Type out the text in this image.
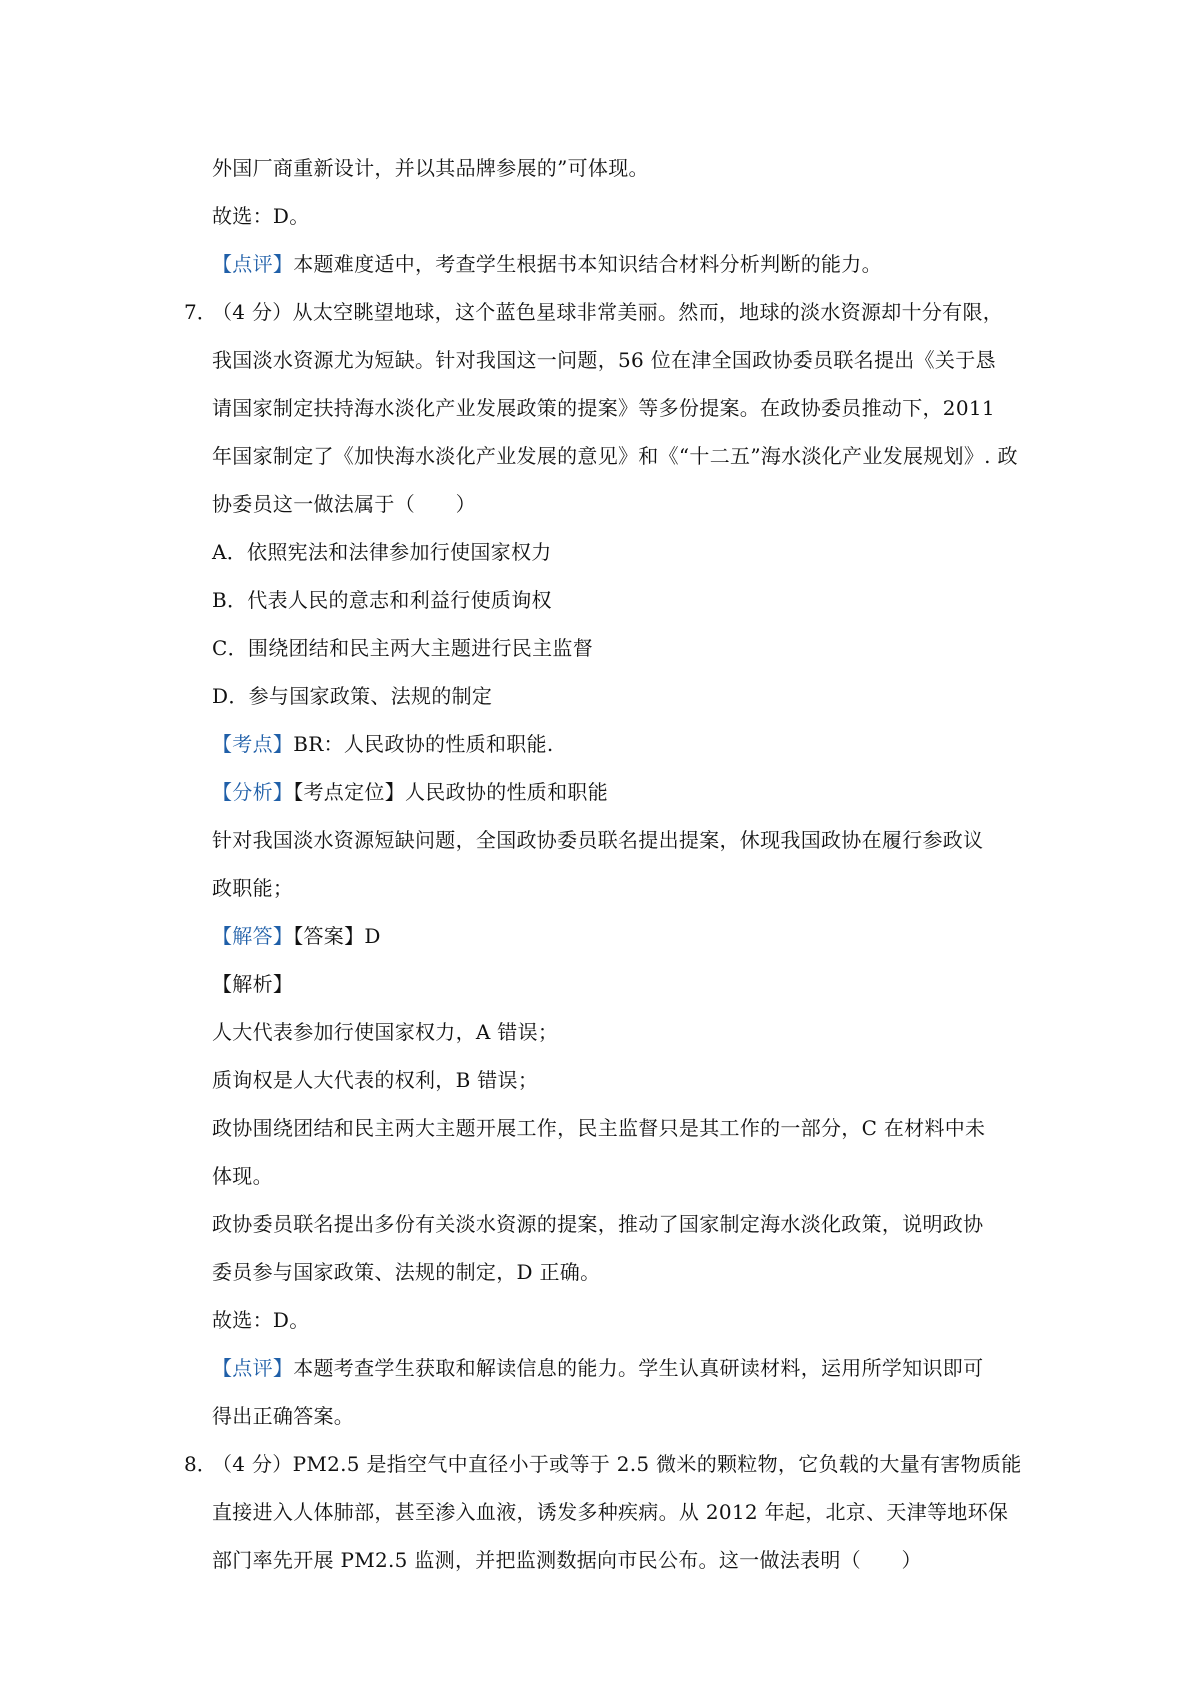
外国厂商重新设计，并以其品牌参展的”可体现。
故选：D。
【点评】本题难度适中，考查学生根据书本知识结合材料分析判断的能力。
7．
（4 分）从太空眺望地球，这个蓝色星球非常美丽。然而，地球的淡水资源却十分有限，
我国淡水资源尤为短缺。针对我国这一问题，56 位在津全国政协委员联名提出《关于恳
请国家制定扶持海水淡化产业发展政策的提案》等多份提案。在政协委员推动下，2011
年国家制定了《加快海水淡化产业发展的意见》和《“十二五”海水淡化产业发展规划》. 政
协委员这一做法属于（　　）
A．依照宪法和法律参加行使国家权力
B．代表人民的意志和利益行使质询权
C．围绕团结和民主两大主题进行民主监督
D．参与国家政策、法规的制定
【考点】BR：人民政协的性质和职能.
【分析】【考点定位】人民政协的性质和职能
针对我国淡水资源短缺问题，全国政协委员联名提出提案，休现我国政协在履行参政议
政职能；
【解答】【答案】D
【解析】
人大代表参加行使国家权力，A 错误；
质询权是人大代表的权利，B 错误；
政协围绕团结和民主两大主题开展工作，民主监督只是其工作的一部分，C 在材料中未
体现。
政协委员联名提出多份有关淡水资源的提案，推动了国家制定海水淡化政策，说明政协
委员参与国家政策、法规的制定，D 正确。
故选：D。
【点评】本题考查学生获取和解读信息的能力。学生认真研读材料，运用所学知识即可
得出正确答案。
8．
（4 分）PM2.5 是指空气中直径小于或等于 2.5 微米的颗粒物，它负载的大量有害物质能
直接进入人体肺部，甚至渗入血液，诱发多种疾病。从 2012 年起，北京、天津等地环保
部门率先开展 PM2.5 监测，并把监测数据向市民公布。这一做法表明（　　）
